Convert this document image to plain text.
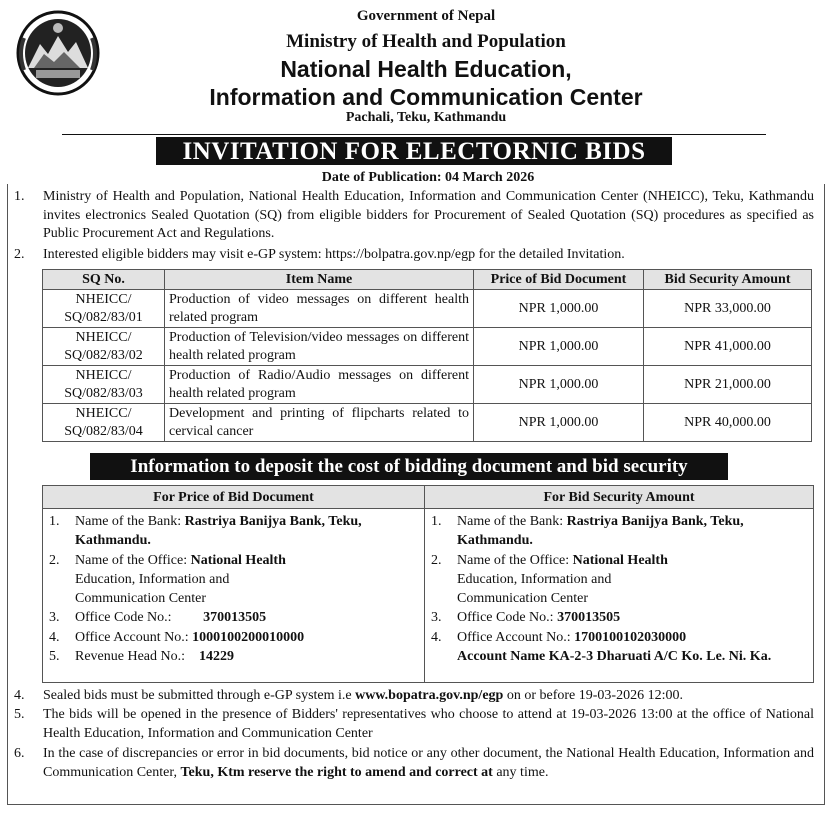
Government of Nepal
Ministry of Health and Population
National Health Education,
Information and Communication Center
Pachali, Teku, Kathmandu
INVITATION FOR ELECTORNIC BIDS
Date of Publication: 04 March 2026
1. Ministry of Health and Population, National Health Education, Information and Communication Center (NHEICC), Teku, Kathmandu invites electronics Sealed Quotation (SQ) from eligible bidders for Procurement of Sealed Quotation (SQ) procedures as specified as Public Procurement Act and Regulations.
2. Interested eligible bidders may visit e-GP system: https://bolpatra.gov.np/egp for the detailed Invitation.
SQ No.	Item Name	Price of Bid Document	Bid Security Amount
NHEICC/ SQ/082/83/01	Production of video messages on different health related program	NPR 1,000.00	NPR 33,000.00
NHEICC/ SQ/082/83/02	Production of Television/video messages on different health related program	NPR 1,000.00	NPR 41,000.00
NHEICC/ SQ/082/83/03	Production of Radio/Audio messages on different health related program	NPR 1,000.00	NPR 21,000.00
NHEICC/ SQ/082/83/04	Development and printing of flipcharts related to cervical cancer	NPR 1,000.00	NPR 40,000.00
Information to deposit the cost of bidding document and bid security
For Price of Bid Document	For Bid Security Amount
1. Name of the Bank: Rastriya Banijya Bank, Teku, Kathmandu.
2. Name of the Office: National Health Education, Information and Communication Center
3. Office Code No.:         370013505
4. Office Account No.: 1000100200010000
5. Revenue Head No.:    14229
1. Name of the Bank: Rastriya Banijya Bank, Teku, Kathmandu.
2. Name of the Office: National Health Education, Information and Communication Center
3. Office Code No.: 370013505
4. Office Account No.: 1700100102030000
Account Name KA-2-3 Dharuati A/C Ko. Le. Ni. Ka.
4. Sealed bids must be submitted through e-GP system i.e www.bopatra.gov.np/egp on or before 19-03-2026 12:00.
5. The bids will be opened in the presence of Bidders' representatives who choose to attend at 19-03-2026 13:00 at the office of National Health Education, Information and Communication Center
6. In the case of discrepancies or error in bid documents, bid notice or any other document, the National Health Education, Information and Communication Center, Teku, Ktm reserve the right to amend and correct at any time.
